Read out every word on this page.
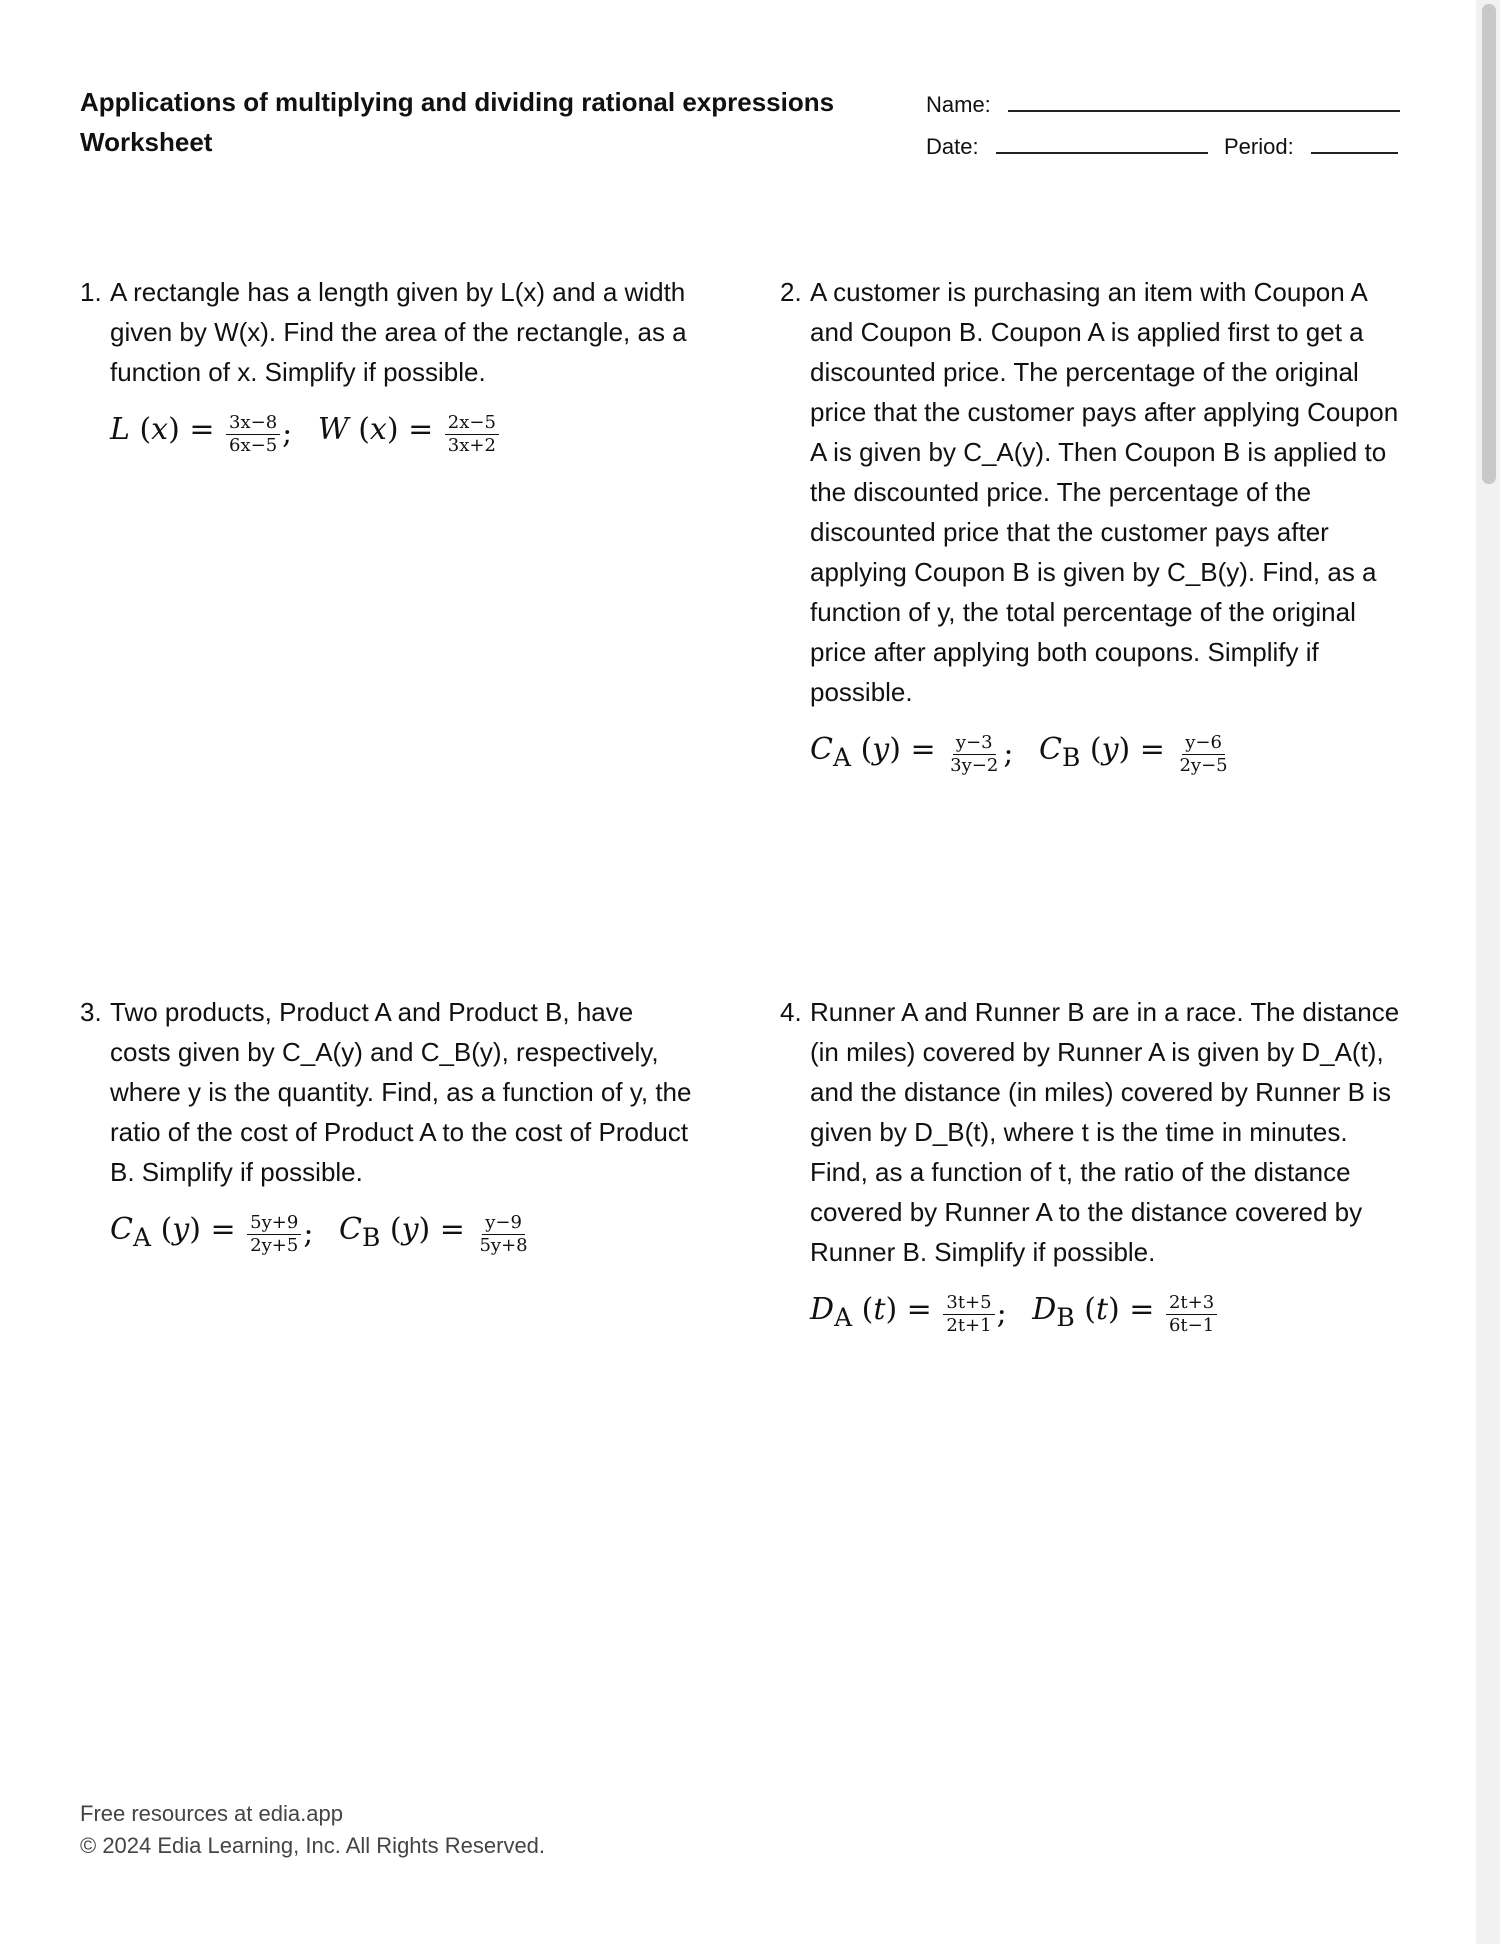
Applications of multiplying and dividing rational expressions
Worksheet
Name:
Date:	Period:
1. A rectangle has a length given by L(x) and a width given by W(x). Find the area of the rectangle, as a function of x. Simplify if possible.
L $(x) = \frac{3x-8}{6x-5}$ ; W $(x) = \frac{2x-5}{3x+2}$
2. A customer is purchasing an item with Coupon A and Coupon B. Coupon A is applied first to get a discounted price. The percentage of the original price that the customer pays after applying Coupon A is given by C_A(y). Then Coupon B is applied to the discounted price. The percentage of the discounted price that the customer pays after applying Coupon B is given by C_B(y). Find, as a function of y, the total percentage of the original price after applying both coupons. Simplify if possible.
$C_A$ $(y) = \frac{y-3}{3y-2}$ ; $C_B$ $(y) = \frac{y-6}{2y-5}$
3. Two products, Product A and Product B, have costs given by C_A(y) and C_B(y), respectively, where y is the quantity. Find, as a function of y, the ratio of the cost of Product A to the cost of Product B. Simplify if possible.
$C_A$ $(y) = \frac{5y+9}{2y+5}$ ; $C_B$ $(y) = \frac{y-9}{5y+8}$
4. Runner A and Runner B are in a race. The distance (in miles) covered by Runner A is given by D_A(t), and the distance (in miles) covered by Runner B is given by D_B(t), where t is the time in minutes. Find, as a function of t, the ratio of the distance covered by Runner A to the distance covered by Runner B. Simplify if possible.
$D_A$ $(t) = \frac{3t+5}{2t+1}$ ; $D_B$ $(t) = \frac{2t+3}{6t-1}$
Free resources at edia.app
© 2024 Edia Learning, Inc. All Rights Reserved.
